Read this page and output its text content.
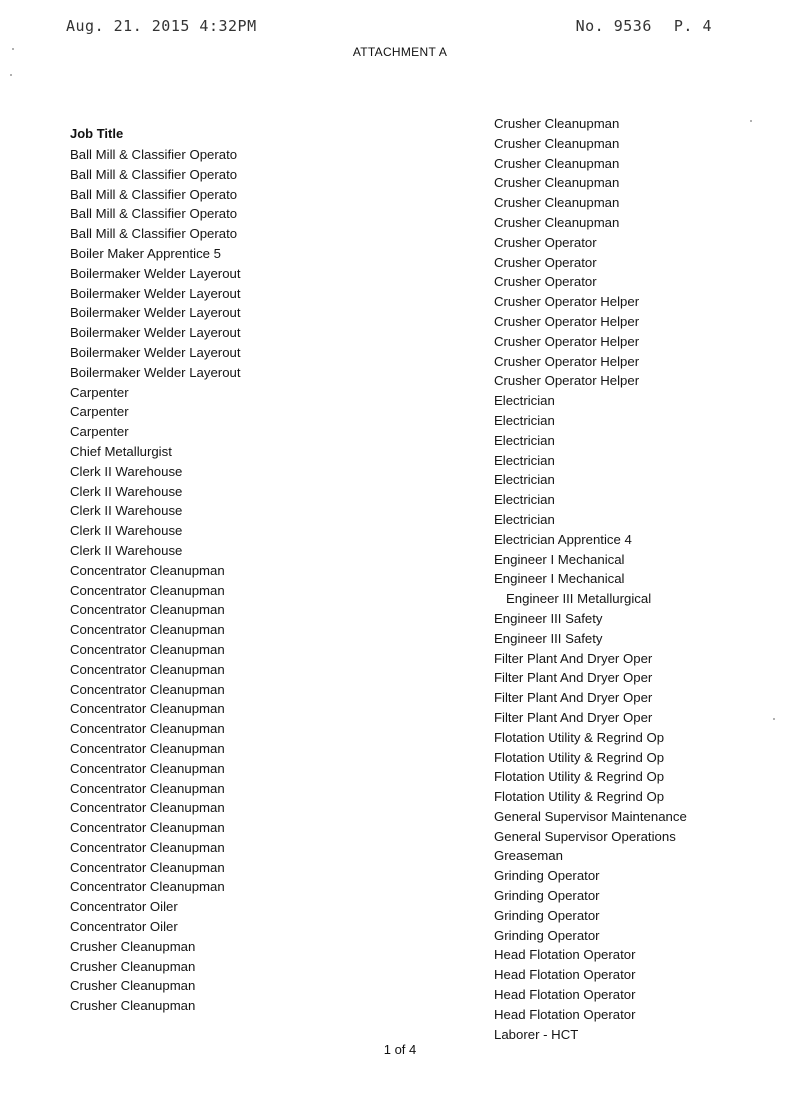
Aug. 21. 2015 4:32PM	No. 9536 P. 4
ATTACHMENT A
Job Title
Ball Mill & Classifier Operato
Ball Mill & Classifier Operato
Ball Mill & Classifier Operato
Ball Mill & Classifier Operato
Ball Mill & Classifier Operato
Boiler Maker Apprentice 5
Boilermaker Welder Layerout
Boilermaker Welder Layerout
Boilermaker Welder Layerout
Boilermaker Welder Layerout
Boilermaker Welder Layerout
Boilermaker Welder Layerout
Carpenter
Carpenter
Carpenter
Chief Metallurgist
Clerk II Warehouse
Clerk II Warehouse
Clerk II Warehouse
Clerk II Warehouse
Clerk II Warehouse
Concentrator Cleanupman
Concentrator Cleanupman
Concentrator Cleanupman
Concentrator Cleanupman
Concentrator Cleanupman
Concentrator Cleanupman
Concentrator Cleanupman
Concentrator Cleanupman
Concentrator Cleanupman
Concentrator Cleanupman
Concentrator Cleanupman
Concentrator Cleanupman
Concentrator Cleanupman
Concentrator Cleanupman
Concentrator Cleanupman
Concentrator Cleanupman
Concentrator Cleanupman
Concentrator Oiler
Concentrator Oiler
Crusher Cleanupman
Crusher Cleanupman
Crusher Cleanupman
Crusher Cleanupman
Crusher Cleanupman
Crusher Cleanupman
Crusher Cleanupman
Crusher Cleanupman
Crusher Cleanupman
Crusher Cleanupman
Crusher Operator
Crusher Operator
Crusher Operator
Crusher Operator Helper
Crusher Operator Helper
Crusher Operator Helper
Crusher Operator Helper
Crusher Operator Helper
Electrician
Electrician
Electrician
Electrician
Electrician
Electrician
Electrician
Electrician Apprentice 4
Engineer I Mechanical
Engineer I Mechanical
Engineer III Metallurgical
Engineer III Safety
Engineer III Safety
Filter Plant And Dryer Oper
Filter Plant And Dryer Oper
Filter Plant And Dryer Oper
Filter Plant And Dryer Oper
Flotation Utility & Regrind Op
Flotation Utility & Regrind Op
Flotation Utility & Regrind Op
Flotation Utility & Regrind Op
General Supervisor Maintenance
General Supervisor Operations
Greaseman
Grinding Operator
Grinding Operator
Grinding Operator
Grinding Operator
Head Flotation Operator
Head Flotation Operator
Head Flotation Operator
Head Flotation Operator
Laborer - HCT
1 of 4
